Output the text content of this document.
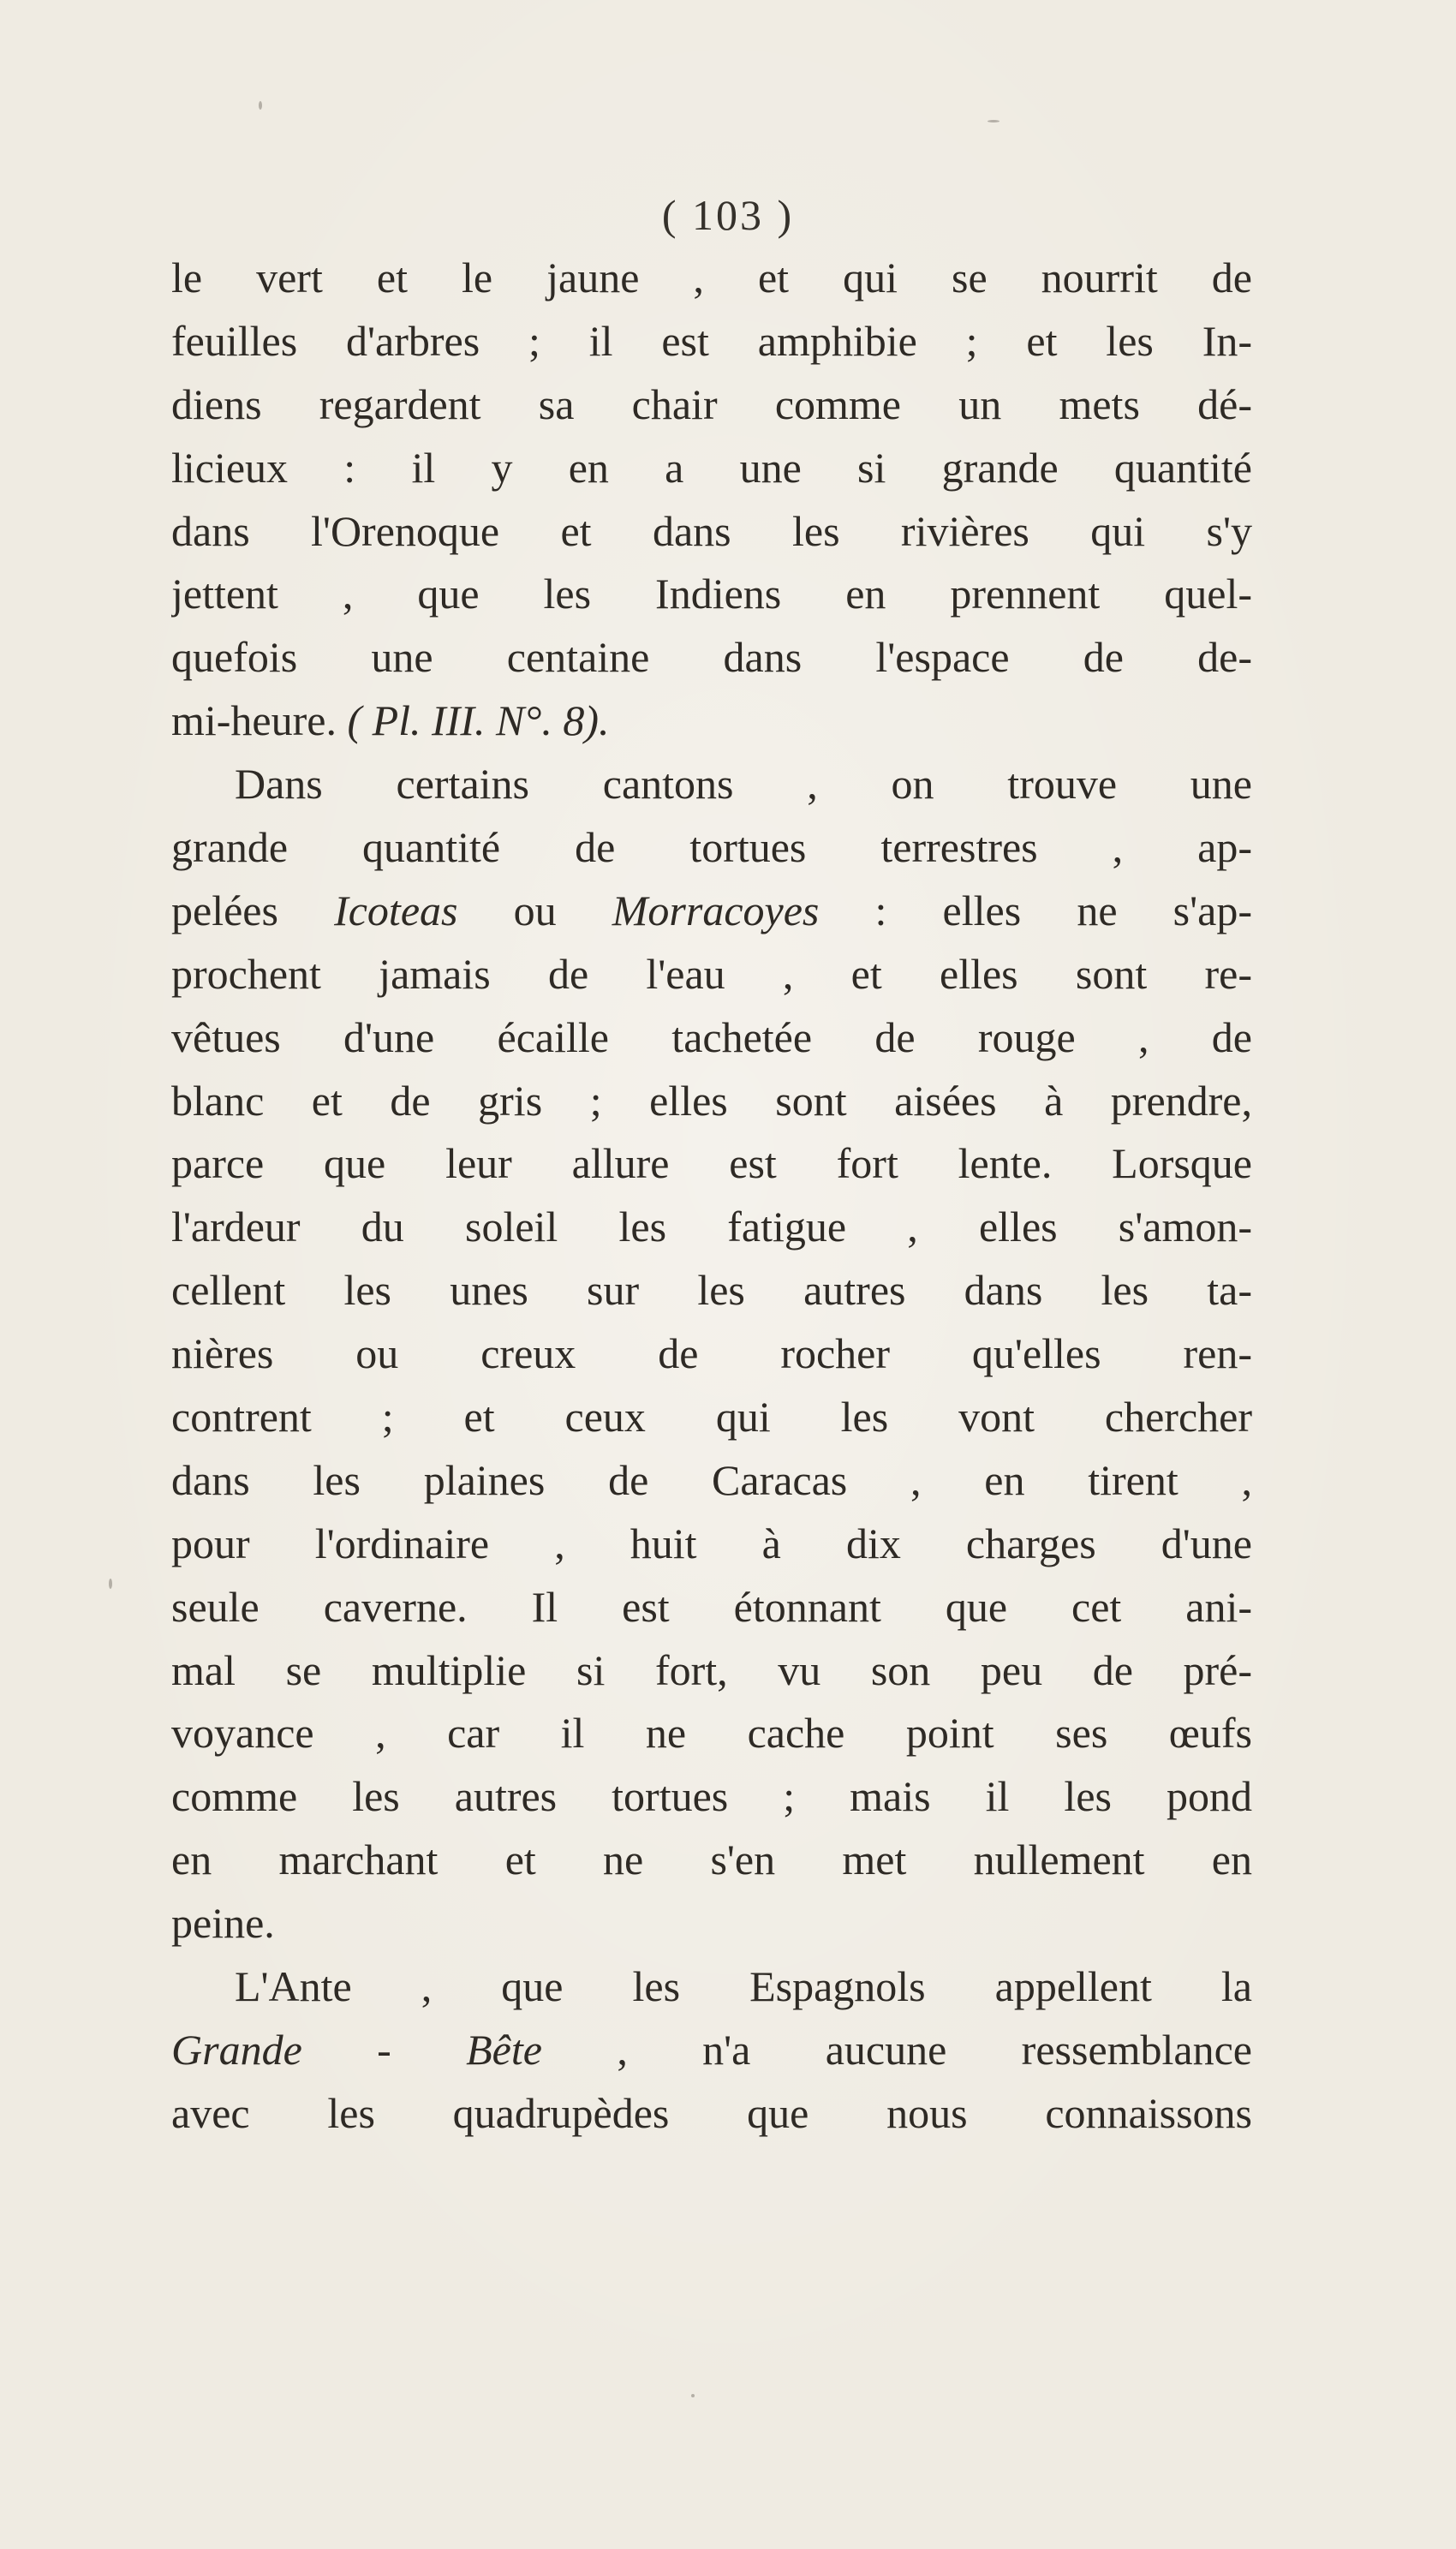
( 103 )
le vert et le jaune , et qui se nourrit de
feuilles d'arbres ; il est amphibie ; et les In-
diens regardent sa chair comme un mets dé-
licieux : il y en a une si grande quantité
dans l'Orenoque et dans les rivières qui s'y
jettent , que les Indiens en prennent quel-
quefois une centaine dans l'espace de de-
mi-heure. ( Pl. III. N°. 8).
Dans certains cantons , on trouve une
grande quantité de tortues terrestres , ap-
pelées Icoteas ou Morracoyes : elles ne s'ap-
prochent jamais de l'eau , et elles sont re-
vêtues d'une écaille tachetée de rouge , de
blanc et de gris ; elles sont aisées à prendre,
parce que leur allure est fort lente. Lorsque
l'ardeur du soleil les fatigue , elles s'amon-
cellent les unes sur les autres dans les ta-
nières ou creux de rocher qu'elles ren-
contrent ; et ceux qui les vont chercher
dans les plaines de Caracas , en tirent ,
pour l'ordinaire , huit à dix charges d'une
seule caverne. Il est étonnant que cet ani-
mal se multiplie si fort, vu son peu de pré-
voyance , car il ne cache point ses œufs
comme les autres tortues ; mais il les pond
en marchant et ne s'en met nullement en
peine.
L'Ante , que les Espagnols appellent la
Grande - Bête , n'a aucune ressemblance
avec les quadrupèdes que nous connaissons
